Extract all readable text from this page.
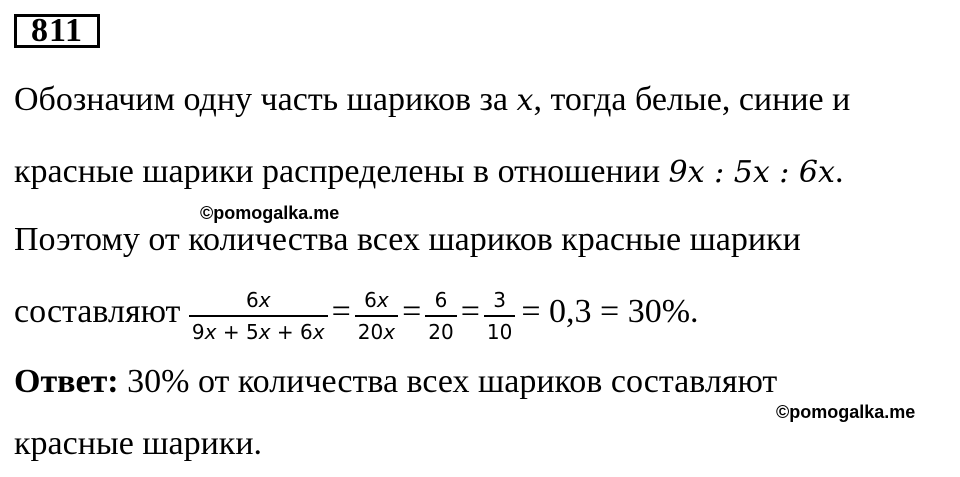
811
Обозначим одну часть шариков за x, тогда белые, синие и
красные шарики распределены в отношении 9x : 5x : 6x.
©pomogalka.me
Поэтому от количества всех шариков красные шарики
составляют $\frac{6x}{9x + 5x + 6x} = \frac{6x}{20x} = \frac{6}{20} = \frac{3}{10} = 0,3 = 30\%$.
Ответ: 30% от количества всех шариков составляют
©pomogalka.me
красные шарики.
